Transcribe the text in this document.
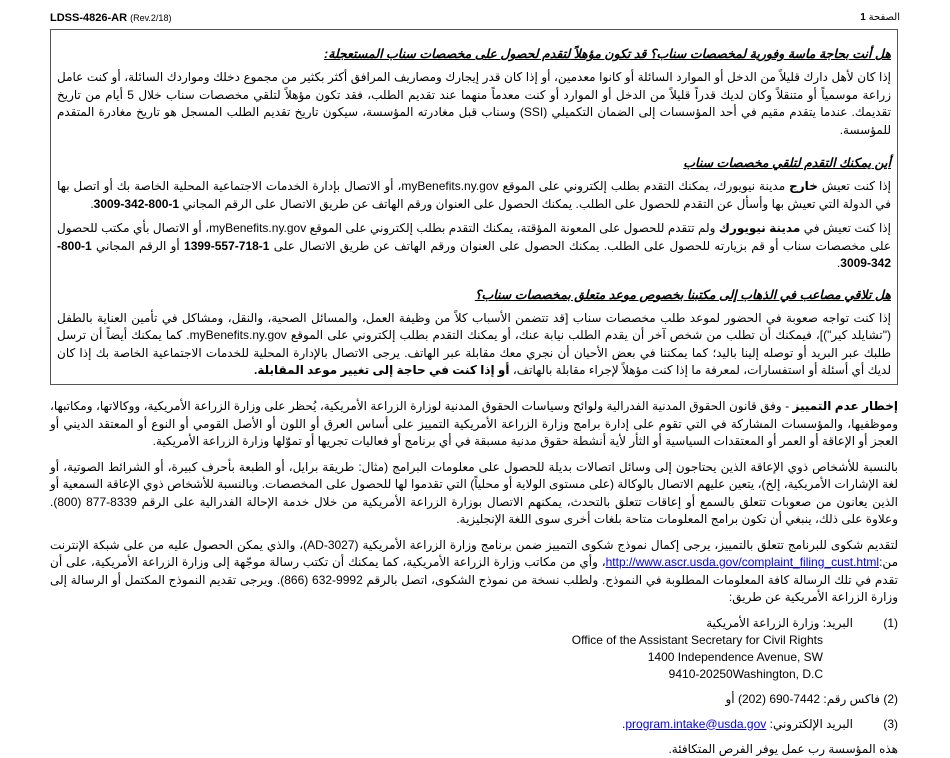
LDSS-4826-AR (Rev.2/18)	الصفحة 1
هل أنت بحاجة ماسة وفورية لمخصصات سناب؟ قد تكون مؤهلاً لتقدم لحصول على مخصصات سناب المستعجلة:

إذا كان لأهل دارك قليلاً من الدخل أو الموارد السائلة أو كانوا معدمين، أو إذا كان قدر إيجارك ومصاريف المرافق أكثر بكثير من مجموع دخلك ومواردك السائلة، أو كنت عامل زراعة موسمياً أو متنقلاً وكان لديك قدراً قليلاً من الدخل أو الموارد أو كنت معدماً منهما عند تقديم الطلب، فقد تكون مؤهلاً لتلقي مخصصات سناب خلال 5 أيام من تاريخ تقديمك. عندما يتقدم مقيم في أحد المؤسسات إلى الضمان التكميلي (SSI) وسناب قبل مغادرته المؤسسة، سيكون تاريخ تقديم الطلب المسجل هو تاريخ مغادرة المتقدم للمؤسسة.

أين يمكنك التقدم لتلقي مخصصات سناب

إذا كنت تعيش خارج مدينة نيويورك، يمكنك التقدم بطلب إلكتروني على الموقع myBenefits.ny.gov، أو الاتصال بإدارة الخدمات الاجتماعية المحلية الخاصة بك أو اتصل بها في الدولة التي تعيش بها وأسأل عن التقدم للحصول على الطلب. يمكنك الحصول على العنوان ورقم الهاتف عن طريق الاتصال على الرقم المجاني 1-800-342-3009.

إذا كنت تعيش في مدينة نيويورك ولم تتقدم للحصول على المعونة المؤقتة، يمكنك التقدم بطلب إلكتروني على الموقع myBenefits.ny.gov، أو الاتصال بأي مكتب للحصول على مخصصات سناب أو قم بزيارته للحصول على الطلب. يمكنك الحصول على العنوان ورقم الهاتف عن طريق الاتصال على 1-718-557-1399 أو الرقم المجاني 1-800-342-3009.

هل تلاقي مصاعب في الذهاب إلى مكتبنا بخصوص موعد متعلق بمخصصات سناب؟

إذا كنت تواجه صعوبة في الحضور لموعد طلب مخصصات سناب [قد تتضمن الأسباب كلاً من وظيفة العمل، والمسائل الصحية، والنقل، ومشاكل في تأمين العناية بالطفل ("تشايلد كير")]، فيمكنك أن تطلب من شخص آخر أن يقدم الطلب نيابة عنك، أو يمكنك التقدم بطلب إلكتروني على الموقع myBenefits.ny.gov. كما يمكنك أيضاً أن ترسل طلبك عبر البريد أو توصله إلينا باليد؛ كما يمكننا في بعض الأحيان أن نجري معك مقابلة عبر الهاتف. يرجى الاتصال بالإدارة المحلية للخدمات الاجتماعية الخاصة بك إذا كان لديك أي أسئلة أو استفسارات، لمعرفة ما إذا كنت مؤهلاً لإجراء مقابلة بالهاتف، أو إذا كنت في حاجة إلى تغيير موعد المقابلة.

إخطار عدم التمييز - وفق قانون الحقوق المدنية الفدرالية ولوائح وسياسات الحقوق المدنية لوزارة الزراعة الأمريكية، يُحظر على وزارة الزراعة الأمريكية، ووكالاتها، ومكاتبها، وموظفيها، والمؤسسات المشاركة في التي تقوم على إدارة برامج وزارة الزراعة الأمريكية التمييز على أساس العرق أو اللون أو الأصل القومي أو النوع أو المعتقد الديني أو العجز أو الإعاقة أو العمر أو المعتقدات السياسية أو الثأر لأية أنشطة حقوق مدنية مسبقة في أي برنامج أو فعاليات تجريها أو تموّلها وزارة الزراعة الأمريكية.

بالنسبة للأشخاص ذوي الإعاقة الذين يحتاجون إلى وسائل اتصالات بديلة للحصول على معلومات البرامج (مثال: طريقة برايل، أو الطبعة بأحرف كبيرة، أو الشرائط الصوتية، أو لغة الإشارات الأمريكية، إلخ)، يتعين عليهم الاتصال بالوكالة (على مستوى الولاية أو محلياً) التي تقدموا لها للحصول على المخصصات. وبالنسبة للأشخاص ذوي الإعاقة السمعية أو الذين يعانون من صعوبات تتعلق بالسمع أو إعاقات تتعلق بالتحدث، يمكنهم الاتصال بوزارة الزراعة الأمريكية من خلال خدمة الإحالة الفدرالية على الرقم 8339-877 (800). وعلاوة على ذلك، ينبغي أن تكون برامج المعلومات متاحة بلغات أخرى سوى اللغة الإنجليزية.

لتقديم شكوى للبرنامج تتعلق بالتمييز، يرجى إكمال نموذج شكوى التمييز ضمن برنامج وزارة الزراعة الأمريكية (AD-3027)، والذي يمكن الحصول عليه من على شبكة الإنترنت من:http://www.ascr.usda.gov/complaint_filing_cust.html، وأي من مكاتب وزارة الزراعة الأمريكية، كما يمكنك أن تكتب رسالة موجّهة إلى وزارة الزراعة الأمريكية، على أن تقدم في تلك الرسالة كافة المعلومات المطلوبة في النموذج. ولطلب نسخة من نموذج الشكوى، اتصل بالرقم 9992-632 (866). ويرجى تقديم النموذج المكتمل أو الرسالة إلى وزارة الزراعة الأمريكية عن طريق:

(1)
البريد: وزارة الزراعة الأمريكية
Office of the Assistant Secretary for Civil Rights
1400 Independence Avenue, SW
9410-20250Washington, D.C
(2)
فاكس رقم: 7442-690 (202) أو
(3)
البريد الإلكتروني: program.intake@usda.gov.
هذه المؤسسة رب عمل يوفر الفرص المتكافئة.
